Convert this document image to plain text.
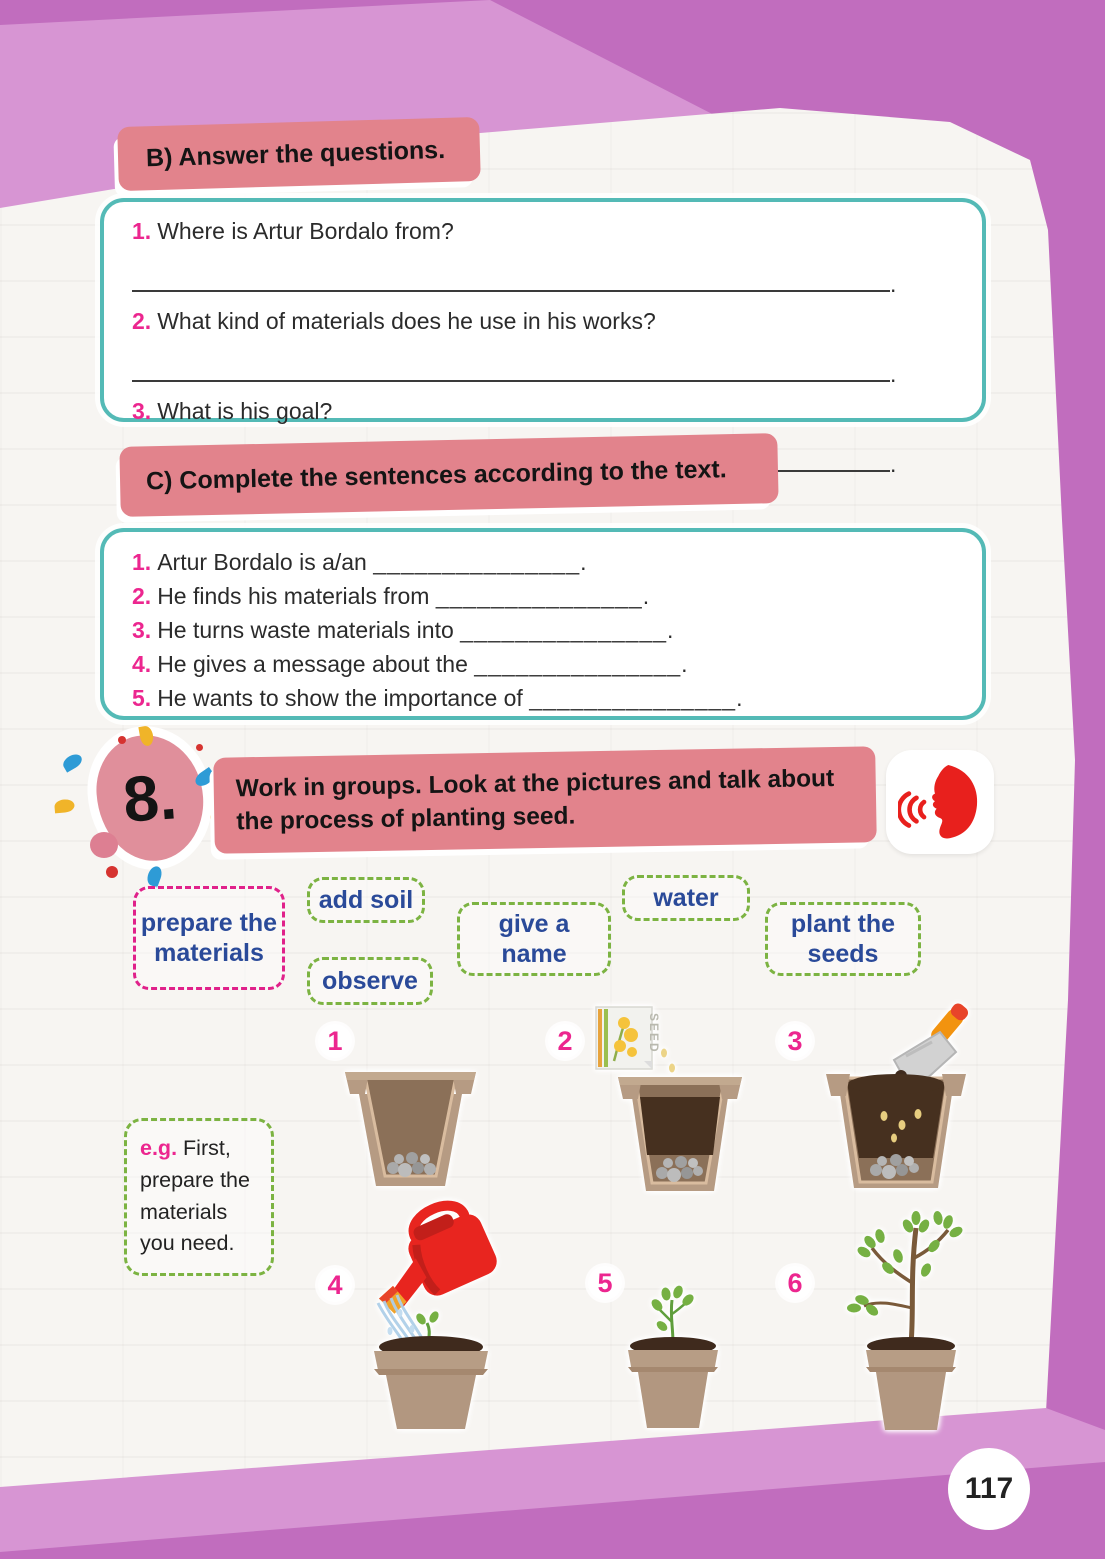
B) Answer the questions.
1. Where is Artur Bordalo from?
.
2. What kind of materials does he use in his works?
.
3. What is his goal?
.
C) Complete the sentences according to the text.
1. Artur Bordalo is a/an _______________.
2. He finds his materials from _______________.
3. He turns waste materials into _______________.
4. He gives a message about the _______________.
5. He wants to show the importance of _______________.
8. Work in groups. Look at the pictures and talk about the process of planting seed.
prepare the materials
add soil
observe
give a name
water
plant the seeds
e.g. First, prepare the materials you need.
1	2	3
4	5	6
SEED
117
